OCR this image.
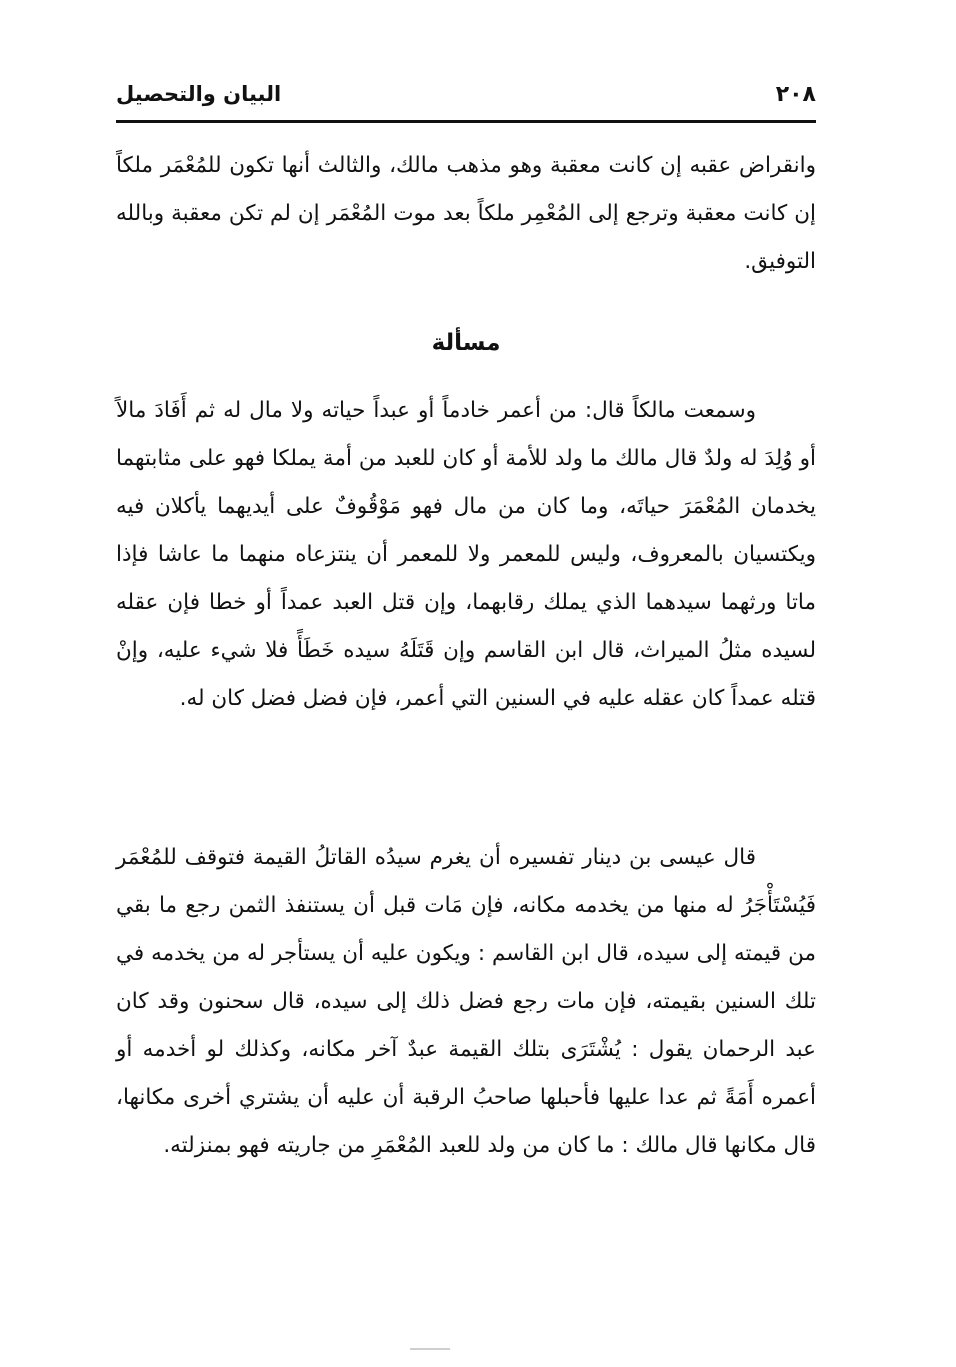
٢٠٨
البيان والتحصيل

وانقراض عقبه إن كانت معقبة وهو مذهب مالك، والثالث أنها تكون للمُعْمَر ملكاً إن كانت معقبة وترجع إلى المُعْمِر ملكاً بعد موت المُعْمَر إن لم تكن معقبة وبالله التوفيق.

مسألة

وسمعت مالكاً قال: من أعمر خادماً أو عبداً حياته ولا مال له ثم أَفَادَ مالاً أو وُلِدَ له ولدٌ قال مالك ما ولد للأمة أو كان للعبد من أمة يملكا فهو على مثابتهما يخدمان المُعْمَرَ حياتَه، وما كان من مال فهو مَوْقُوفٌ على أيديهما يأكلان فيه ويكتسيان بالمعروف، وليس للمعمر ولا للمعمر أن ينتزعاه منهما ما عاشا فإذا ماتا ورثهما سيدهما الذي يملك رقابهما، وإن قتل العبد عمداً أو خطا فإن عقله لسيده مثلُ الميراث، قال ابن القاسم وإن قَتَلَهُ سيده خَطَأً فلا شيء عليه، وإنْ قتله عمداً كان عقله عليه في السنين التي أعمر، فإن فضل فضل كان له.

قال عيسى بن دينار تفسيره أن يغرم سيدُه القاتلُ القيمة فتوقف للمُعْمَر فَيُسْتَأْجَرُ له منها من يخدمه مكانه، فإن مَات قبل أن يستنفذ الثمن رجع ما بقي من قيمته إلى سيده، قال ابن القاسم : ويكون عليه أن يستأجر له من يخدمه في تلك السنين بقيمته، فإن مات رجع فضل ذلك إلى سيده، قال سحنون وقد كان عبد الرحمان يقول : يُشْتَرَى بتلك القيمة عبدٌ آخر مكانه، وكذلك لو أخدمه أو أعمره أَمَةً ثم عدا عليها فأحبلها صاحبُ الرقبة أن عليه أن يشتري أخرى مكانها، قال مكانها قال مالك : ما كان من ولد للعبد المُعْمَرِ من جاريته فهو بمنزلته.
